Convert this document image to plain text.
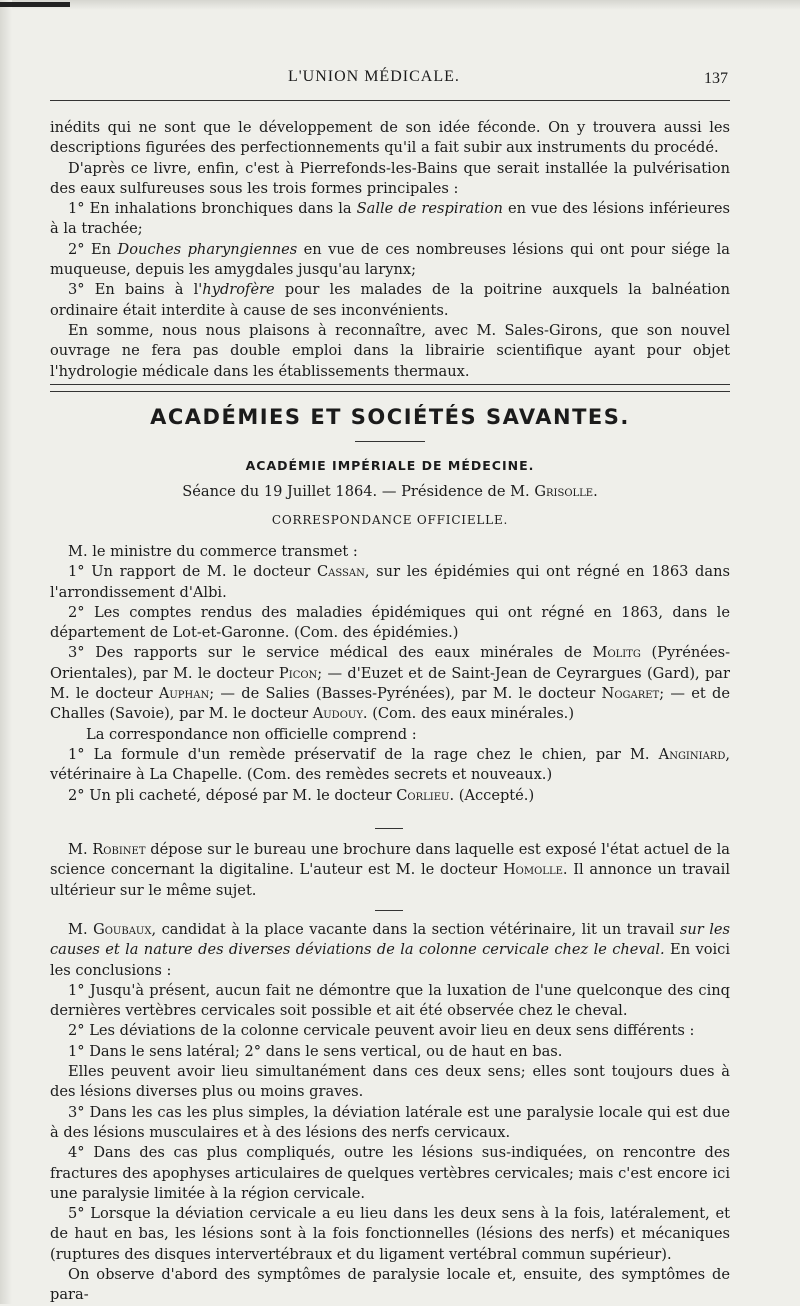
L'UNION MÉDICALE.	137

inédits qui ne sont que le développement de son idée féconde. On y trouvera aussi les descriptions figurées des perfectionnements qu'il a fait subir aux instruments du procédé.

D'après ce livre, enfin, c'est à Pierrefonds-les-Bains que serait installée la pulvérisation des eaux sulfureuses sous les trois formes principales :

1° En inhalations bronchiques dans la Salle de respiration en vue des lésions inférieures à la trachée;

2° En Douches pharyngiennes en vue de ces nombreuses lésions qui ont pour siége la muqueuse, depuis les amygdales jusqu'au larynx;

3° En bains à l'hydrofère pour les malades de la poitrine auxquels la balnéation ordinaire était interdite à cause de ses inconvénients.

En somme, nous nous plaisons à reconnaître, avec M. Sales-Girons, que son nouvel ouvrage ne fera pas double emploi dans la librairie scientifique ayant pour objet l'hydrologie médicale dans les établissements thermaux.

ACADÉMIES ET SOCIÉTÉS SAVANTES.
ACADÉMIE IMPÉRIALE DE MÉDECINE.
Séance du 19 Juillet 1864. — Présidence de M. Grisolle.
CORRESPONDANCE OFFICIELLE.

M. le ministre du commerce transmet :

1° Un rapport de M. le docteur Cassan, sur les épidémies qui ont régné en 1863 dans l'arrondissement d'Albi.

2° Les comptes rendus des maladies épidémiques qui ont régné en 1863, dans le département de Lot-et-Garonne. (Com. des épidémies.)

3° Des rapports sur le service médical des eaux minérales de Molitg (Pyrénées-Orientales), par M. le docteur Picon; — d'Euzet et de Saint-Jean de Ceyrargues (Gard), par M. le docteur Auphan; — de Salies (Basses-Pyrénées), par M. le docteur Nogaret; — et de Challes (Savoie), par M. le docteur Audouy. (Com. des eaux minérales.)

La correspondance non officielle comprend :

1° La formule d'un remède préservatif de la rage chez le chien, par M. Anginiard, vétérinaire à La Chapelle. (Com. des remèdes secrets et nouveaux.)

2° Un pli cacheté, déposé par M. le docteur Corlieu. (Accepté.)

M. Robinet dépose sur le bureau une brochure dans laquelle est exposé l'état actuel de la science concernant la digitaline. L'auteur est M. le docteur Homolle. Il annonce un travail ultérieur sur le même sujet.

M. Goubaux, candidat à la place vacante dans la section vétérinaire, lit un travail sur les causes et la nature des diverses déviations de la colonne cervicale chez le cheval. En voici les conclusions :

1° Jusqu'à présent, aucun fait ne démontre que la luxation de l'une quelconque des cinq dernières vertèbres cervicales soit possible et ait été observée chez le cheval.

2° Les déviations de la colonne cervicale peuvent avoir lieu en deux sens différents :

1° Dans le sens latéral; 2° dans le sens vertical, ou de haut en bas.

Elles peuvent avoir lieu simultanément dans ces deux sens; elles sont toujours dues à des lésions diverses plus ou moins graves.

3° Dans les cas les plus simples, la déviation latérale est une paralysie locale qui est due à des lésions musculaires et à des lésions des nerfs cervicaux.

4° Dans des cas plus compliqués, outre les lésions sus-indiquées, on rencontre des fractures des apophyses articulaires de quelques vertèbres cervicales; mais c'est encore ici une paralysie limitée à la région cervicale.

5° Lorsque la déviation cervicale a eu lieu dans les deux sens à la fois, latéralement, et de haut en bas, les lésions sont à la fois fonctionnelles (lésions des nerfs) et mécaniques (ruptures des disques intervertébraux et du ligament vertébral commun supérieur).

On observe d'abord des symptômes de paralysie locale et, ensuite, des symptômes de para-
